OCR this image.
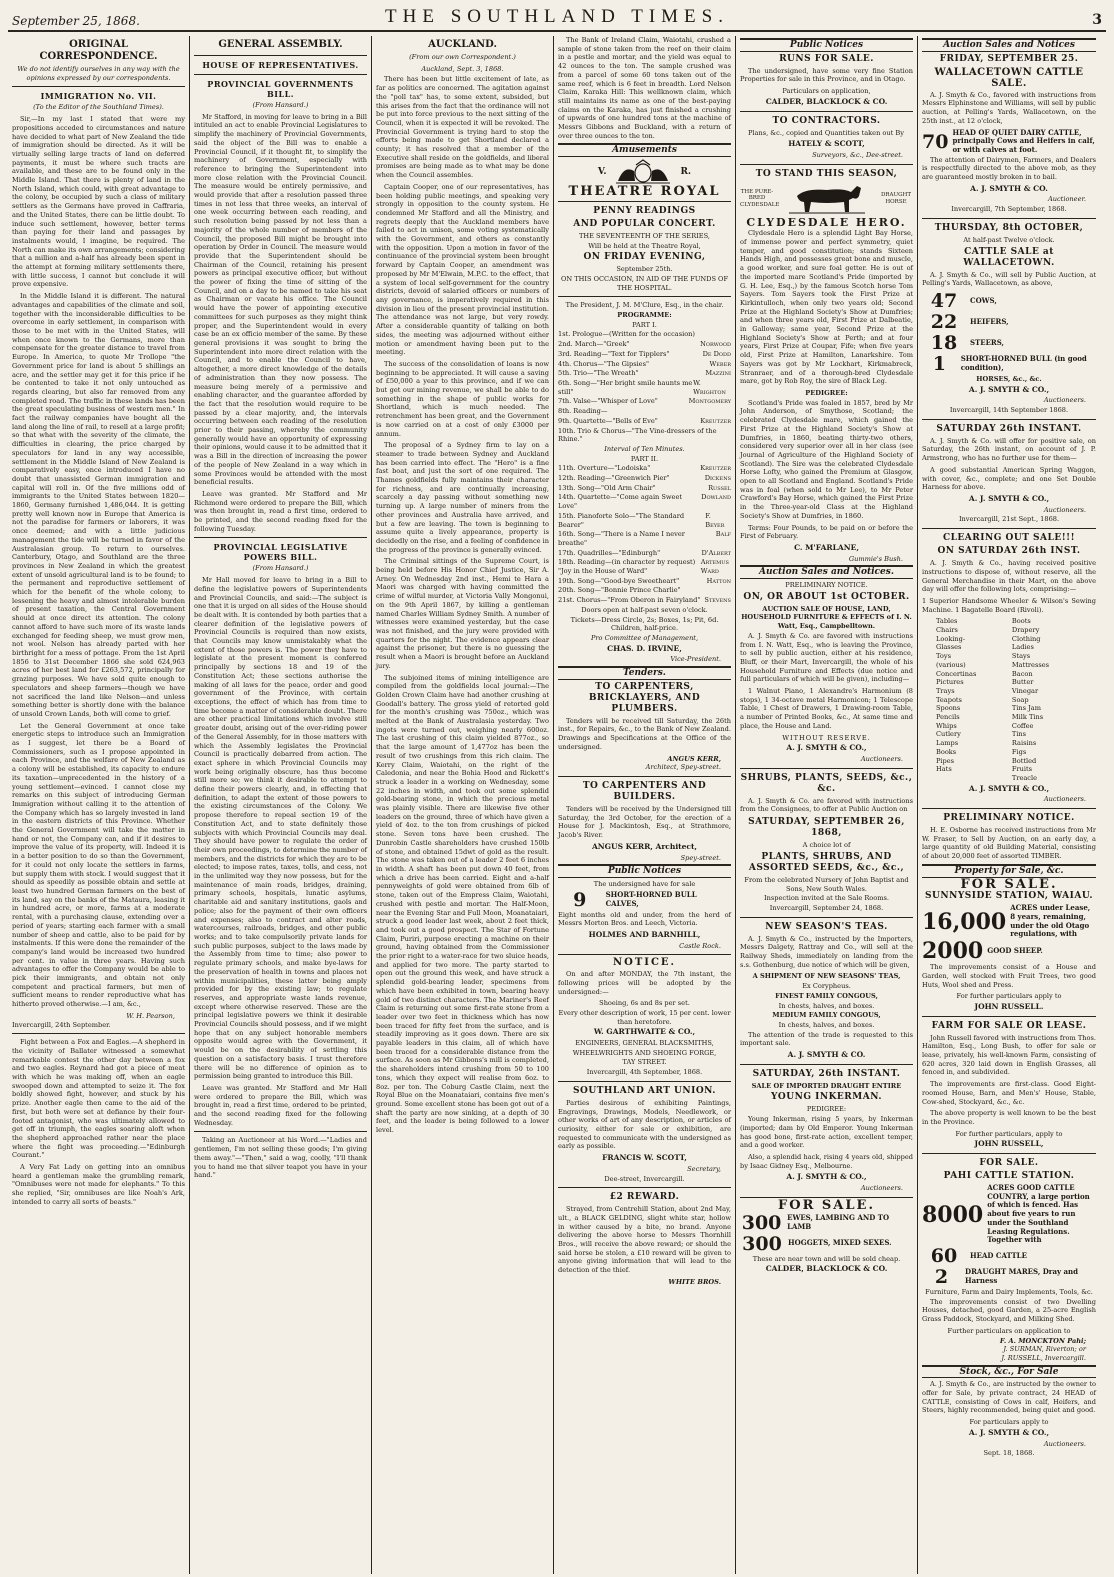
September 25, 1868.	THE SOUTHLAND TIMES.	3
ORIGINAL CORRESPONDENCE.
We do not identify ourselves in any way with the opinions expressed by our correspondents.
IMMIGRATION No. VII.
(To the Editor of the Southland Times).

Sir,—In my last I stated that were my propositions acceded to circumstances and nature have decided to what part of New Zealand the tide of immigration should be directed. As it will be virtually selling large tracts of land on deferred payments, it must be where such tracts are available, and these are to be found only in the Middle Island. That there is plenty of land in the North Island, which could, with great advantage to the colony, be occupied by such a class of military settlers as the Germans have proved in Caffraria, and the United States, there can be little doubt. To induce such settlement, however, better terms than paying for their land and passages by instalments would, I imagine, be required. The North can make its own arrangements; considering that a million and a-half has already been spent in the attempt at forming military settlements there, with little success, I cannot but conclude it will prove expensive.

In the Middle Island it is different. The natural advantages and capabilities of the climate and soil, together with the inconsiderable difficulties to be overcome in early settlement, in comparison with those to be met with in the United States, will when once known to the Germans, more than compensate for the greater distance to travel from Europe. In America, to quote Mr Trollope "the Government price for land is about 5 shillings an acre, and the settler may get it for this price if he be contented to take it not only untouched as regards clearing, but also far removed from any completed road. The traffic in these lands has been the great speculating business of western men." In fact the railway companies have bought all the land along the line of rail, to resell at a large profit; so that what with the severity of the climate, the difficulties in clearing, the price charged by speculators for land in any way accessible, settlement in the Middle Island of New Zealand is comparatively easy, once introduced I have no doubt that unassisted German immigration and capital will roll in. Of the five millions odd of immigrants to the United States between 1820—1860, Germany furnished 1,486,044. It is getting pretty well known now in Europe that America is not the paradise for farmers or laborers, it was once deemed; and with a little judicious management the tide will be turned in favor of the Australasian group. To return to ourselves. Canterbury, Otago, and Southland are the three provinces in New Zealand in which the greatest extent of unsold agricultural land is to be found; to the permanent and reproductive settlement of which for the benefit of the whole colony, to lessening the heavy and almost intolerable burden of present taxation, the Central Government should at once direct its attention. The colony cannot afford to have such more of its waste lands exchanged for feeding sheep, we must grow men, not wool. Nelson has already parted with her birthright for a mess of pottage. From the 1st April 1856 to 31st December 1866 she sold 624,963 acres of her best land for £263,572, principally for grazing purposes. We have sold quite enough to speculators and sheep farmers—though we have not sacrificed the land like Nelson—and unless something better is shortly done with the balance of unsold Crown Lands, both will come to grief.

Let the General Government at once take energetic steps to introduce such an Immigration as I suggest, let there be a Board of Commissioners, such as I propose appointed in each Province, and the welfare of New Zealand as a colony will be established, its capacity to endure its taxation—unprecedented in the history of a young settlement—evinced. I cannot close my remarks on this subject of introducing German Immigration without calling it to the attention of the Company which has so largely invested in land in the eastern districts of this Province. Whether the General Government will take the matter in hand or not, the Company can, and if it desires to improve the value of its property, will. Indeed it is in a better position to do so than the Government, for it could not only locate the settlers in farms, but supply them with stock. I would suggest that it should as speedily as possible obtain and settle at least two hundred German farmers on the best of its land, say on the banks of the Mataura, leasing it in hundred acre, or more, farms at a moderate rental, with a purchasing clause, extending over a period of years; starting each farmer with a small number of sheep and cattle, also to be paid for by instalments. If this were done the remainder of the company's land would be increased two hundred per cent. in value in three years. Having such advantages to offer the Company would be able to pick their immigrants, and obtain not only competent and practical farmers, but men of sufficient means to render reproductive what has hitherto proved otherwise.—I am, &c.,

W. H. Pearson,

Invercargill, 24th September.

Fight between a Fox and Eagles.—A shepherd in the vicinity of Ballater witnessed a somewhat remarkable contest the other day between a fox and two eagles. Reynard had got a piece of meat with which he was making off, when an eagle swooped down and attempted to seize it. The fox boldly showed fight, however, and stuck by his prize. Another eagle then came to the aid of the first, but both were set at defiance by their four-footed antagonist, who was ultimately allowed to get off in triumph, the eagles soaring aloft when the shepherd approached rather near the place where the fight was proceeding.—"Edinburgh Courant."

A Very Fat Lady on getting into an omnibus heard a gentleman make the grumbling remark, "Omnibuses were not made for elephants." To this she replied, "Sir, omnibuses are like Noah's Ark, intended to carry all sorts of beasts."

GENERAL ASSEMBLY.
HOUSE OF REPRESENTATIVES.
PROVINCIAL GOVERNMENTS BILL.
(From Hansard.)

Mr Stafford, in moving for leave to bring in a Bill intituled an act to enable Provincial Legislatures to simplify the machinery of Provincial Governments, said the object of the Bill was to enable a Provincial Council, if it thought fit, to simplify the machinery of Government, especially with reference to bringing the Superintendent into more close relation with the Provincial Council. The measure would be entirely permissive, and would provide that after a resolution passed three times in not less that three weeks, an interval of one week occurring between each reading, and such resolution being passed by not less than a majority of the whole number of members of the Council, the proposed Bill might be brought into operation by Order in Council. The measure would provide that the Superintendent should be Chairman of the Council, retaining his present powers as principal executive officer, but without the power of fixing the time of sitting of the Council, and on a day to be named to take his seat as Chairman or vacate his office. The Council would have the power of appointing executive committees for such purposes as they might think proper, and the Superintendent would in every case be an ex officio member of the same. By these general provisions it was sought to bring the Superintendent into more direct relation with the Council, and to enable the Council to have, altogether, a more direct knowledge of the details of administration than they now possess. The measure being merely of a permissive and enabling character, and the guarantee afforded by the fact that the resolution would require to be passed by a clear majority, and, the intervals occurring between each reading of the resolution prior to their passing, whereby the community generally would have an opportunity of expressing their opinions, would cause it to be admitted that it was a Bill in the direction of increasing the power of the people of New Zealand in a way which in some Provinces would be attended with the most beneficial results.

Leave was granted. Mr Stafford and Mr Richmond were ordered to prepare the Bill, which was then brought in, read a first time, ordered to be printed, and the second reading fixed for the following Tuesday.

PROVINCIAL LEGISLATIVE POWERS BILL.
(From Hansard.)

Mr Hall moved for leave to bring in a Bill to define the legislative powers of Superintendents and Provincial Councils, and said:—The subject is one that it is urged on all sides of the House should be dealt with. It is contended by both parties that a clearer definition of the legislative powers of Provincial Councils is required than now exists, that Councils may know unmistakably what the extent of those powers is. The power they have to legislate at the present moment is conferred principally by sections 18 and 19 of the Constitution Act; these sections authorise the making of all laws for the peace, order and good government of the Province, with certain exceptions, the effect of which has from time to time become a matter of considerable doubt. There are other practical limitations which involve still greater doubt, arising out of the over-riding power of the General Assembly, for in those matters with which the Assembly legislates the Provincial Council is practically debarred from action. The exact sphere in which Provincial Councils may work being originally obscure, has thus become still more so; we think it desirable to attempt to define their powers clearly, and, in effecting that definition, to adapt the extent of those powers to the existing circumstances of the Colony. We propose therefore to repeal section 19 of the Constitution Act, and to state definitely those subjects with which Provincial Councils may deal. They should have power to regulate the order of their own proceedings, to determine the number of members, and the districts for which they are to be elected; to impose rates, taxes, tolls, and cess, not in the unlimited way they now possess, but for the maintenance of main roads, bridges, draining, primary schools, hospitals, lunatic asylums, charitable aid and sanitary institutions, gaols and police; also for the payment of their own officers and expenses; also to contract and alter roads, watercourses, railroads, bridges, and other public works; and to take compulsorily private lands for such public purposes, subject to the laws made by the Assembly from time to time; also power to regulate primary schools, and make bye-laws for the preservation of health in towns and places not within municipalities, these latter being amply provided for by the existing law; to regulate reserves, and appropriate waste lands revenue, except where otherwise reserved. These are the principal legislative powers we think it desirable Provincial Councils should possess, and if we might hope that on any subject honorable members opposite would agree with the Government, it would be on the desirability of settling this question on a satisfactory basis. I trust therefore there will be no difference of opinion as to permission being granted to introduce this Bill.

Leave was granted. Mr Stafford and Mr Hall were ordered to prepare the Bill, which was brought in, read a first time, ordered to be printed, and the second reading fixed for the following Wednesday.

Taking an Auctioneer at his Word.—"Ladies and gentlemen, I'm not selling these goods; I'm giving them away."—"Then," said a wag, coolly, "I'll thank you to hand me that silver teapot you have in your hand."

AUCKLAND.
(From our own Correspondent.)
Auckland, Sept. 3, 1868.

There has been but little excitement of late, as far as politics are concerned. The agitation against the "poll tax" has, to some extent, subsided, but this arises from the fact that the ordinance will not be put into force previous to the next sitting of the Council, when it is expected it will be revoked. The Provincial Government is trying hard to stop the efforts being made to get Shortland declared a county; it has resolved that a member of the Executive shall reside on the goldfields, and liberal promises are being made as to what may be done when the Council assembles.

Captain Cooper, one of our representatives, has been holding public meetings, and speaking very strongly in opposition to the county system. He condemned Mr Stafford and all the Ministry, and regrets deeply that the Auckland members have failed to act in unison, some voting systematically with the Government, and others as constantly with the opposition. Upon a motion in favor of the continuance of the provincial system been brought forward by Captain Cooper, an amendment was proposed by Mr M'Elwain, M.P.C. to the effect, that a system of local self-government for the country districts, devoid of salaried officers or numbers of any governance, is imperatively required in this division in lieu of the present provincial institution. The attendance was not large, but very rowdy. After a considerable quantity of talking on both sides, the meeting was adjourned without either motion or amendment having been put to the meeting.

The success of the consolidation of loans is now beginning to be appreciated. It will cause a saving of £50,000 a year to this province, and if we can but get our mining revenue, we shall be able to do something in the shape of public works for Shortland, which is much needed. The retrenchment has been great, and the Government is now carried on at a cost of only £3000 per annum.

The proposal of a Sydney firm to lay on a steamer to trade between Sydney and Auckland has been carried into effect. The "Hero" is a fine fast boat, and just the sort of one required. The Thames goldfields fully maintains their character for richness, and are continually increasing, scarcely a day passing without something new turning up. A large number of miners from the other provinces and Australia have arrived, and but a few are leaving. The town is beginning to assume quite a lively appearance, property is decidedly on the rise, and a feeling of confidence in the progress of the province is generally evinced.

The Criminal sittings of the Supreme Court, is being held before His Honor Chief Justice, Sir A. Arney. On Wednesday 2nd inst., Hemi te Hara a Maori was charged with having committed the crime of wilful murder, at Victoria Vally Mongonui, on the 9th April 1867, by killing a gentleman named Charles William Sydney Smith. A number of witnesses were examined yesterday, but the case was not finished, and the jury were provided with quarters for the night. The evidence appears clear against the prisoner, but there is no guessing the result when a Maori is brought before an Auckland jury.

The subjoined items of mining intelligence are compiled from the goldfields local journal:—The Golden Crown Claim have had another crushing at Goodall's battery. The gross yield of retorted gold for the month's crushing was 750oz., which was melted at the Bank of Australasia yesterday. Two ingots were turned out, weighing nearly 600oz. The last crushing of this claim yielded 877oz., so that the large amount of 1,477oz has been the result of two crushings from this rich claim. The Kerry Claim, Waiotahi, on the right of the Caledonia, and near the Bohia Hood and Rickett's struck a leader in a working on Wednesday, some 22 inches in width, and took out some splendid gold-bearing stone, in which the precious metal was plainly visible. There are likewise five other leaders on the ground, three of which have given a yield of 4oz. to the ton from crushings of picked stone. Seven tons have been crushed. The Dunrobin Castle shareholders have crushed 150lb of stone, and obtained 15dwt of gold as the result. The stone was taken out of a leader 2 feet 6 inches in width. A shaft has been put down 40 feet, from which a drive has been carried. Eight and a-half pennyweights of gold were obtained from 6lb of stone, taken out of the Empress Claim, Waiotahi, crushed with pestle and mortar. The Half-Moon, near the Evening Star and Full Moon, Moanataiari, struck a good leader last week, about 2 feet thick, and took out a good prospect. The Star of Fortune Claim, Puriri, purpose erecting a machine on their ground, having obtained from the Commissioner the prior right to a water-race for two sluice heads, and applied for two more. The party started to open out the ground this week, and have struck a splendid gold-bearing leader, specimens from which have been exhibited in town, bearing heavy gold of two distinct characters. The Mariner's Reef Claim is returning out some first-rate stone from a leader over two feet in thickness which has now been traced for fifty feet from the surface, and is steadily improving as it goes down. There are six payable leaders in this claim, all of which have been traced for a considerable distance from the surface. As soon as Mr Gibbons's mill is completed, the shareholders intend crushing from 50 to 100 tons, which they expect will realise from 6oz. to 8oz. per ton. The Coburg Castle Claim, next the Royal Blue on the Moanataiari, contains five men's ground. Some excellent stone has been got out of a shaft the party are now sinking, at a depth of 30 feet, and the leader is being followed to a lower level.

The Bank of Ireland Claim, Waiotahi, crushed a sample of stone taken from the reef on their claim in a pestle and mortar, and the yield was equal to 42 ounces to the ton. The sample crushed was from a parcel of some 60 tons taken out of the same reef, which is 6 feet in breadth. Lord Nelson Claim, Karaka Hill: This wellknown claim, which still maintains its name as one of the best-paying claims on the Karaka, has just finished a crushing of upwards of one hundred tons at the machine of Messrs Gibbons and Buckland, with a return of over three ounces to the ton.

Amusements
V.	R.
THEATRE ROYAL
PENNY READINGS
AND POPULAR CONCERT.
THE SEVENTEENTH OF THE SERIES,
Will be held at the Theatre Royal,
ON FRIDAY EVENING,
September 25th.
ON THIS OCCASION, IN AID OF THE FUNDS OF THE HOSPITAL.
The President, J. M. M'Clure, Esq., in the chair.
PROGRAMME:
PART I.
1st. Prologue—(Written for the occasion)
2nd. March—"Greek"	Norwood
3rd. Reading—"Text for Tipplers"	De Dodd
4th. Chorus—"The Gipsies"	Weber
5th. Trio—"The Wreath"	Mazzini
6th. Song—"Her bright smile haunts me still"
W. Wrighton
7th. Valse—"Whisper of Love"	Montgomery
8th. Reading—
9th. Quartette—"Bells of Eve"	Kreutzer
10th. Trio & Chorus—"The Vine-dressers of the Rhine."
Interval of Ten Minutes.
PART II.
11th. Overture—"Lodoiska"	Kreutzer
12th. Reading—"Greenwich Pier"	Dickens
13th. Song—"Old Arm Chair"	Russel
14th. Quartette—"Come again Sweet Love"
Dowland
15th. Pianoforte Solo—"The Standard Bearer"
F. Beyer
16th. Song—"There is a Name I never breathe"
Balf
17th. Quadrilles—"Edinburgh"	D'Albert
18th. Reading—(in character by request) "Joy in the House of Ward"
Artemus Ward
19th. Song—"Good-bye Sweetheart"	Hatton
20th. Song—"Bonnie Prince Charlie"
21st. Chorus—"From Oberon in Fairyland" Stevens
Doors open at half-past seven o'clock.
Tickets—Dress Circle, 2s; Boxes, 1s; Pit, 6d. Children, half-price.
Pro Committee of Management,
CHAS. D. IRVINE,
Vice-President.
Tenders.
TO CARPENTERS, BRICKLAYERS, AND PLUMBERS.

Tenders will be received till Saturday, the 26th inst., for Repairs, &c., to the Bank of New Zealand. Drawings and Specifications at the Office of the undersigned.

ANGUS KERR,
Architect, Spey-street.
TO CARPENTERS AND BUILDERS.

Tenders will be received by the Undersigned till Saturday, the 3rd October, for the erection of a House for J. Mackintosh, Esq., at Strathmore, Jacob's River.

ANGUS KERR, Architect,
Spey-street.
Public Notices
The undersigned have for sale
9	SHORT-HORNED BULL CALVES,

Eight months old and under, from the herd of Messrs Morton Bros. and Leech, Victoria.

HOLMES AND BARNHILL,
Castle Rock.
NOTICE.

On and after MONDAY, the 7th instant, the following prices will be adopted by the undersigned:—

Shoeing, 6s and 8s per set.
Every other description of work, 15 per cent. lower than heretofore.
W. GARTHWAITE & CO.,
ENGINEERS, GENERAL BLACKSMITHS,
WHEELWRIGHTS AND SHOEING FORGE,
TAY STREET.
Invercargill, 4th September, 1868.
SOUTHLAND ART UNION.

Parties desirous of exhibiting Paintings, Engravings, Drawings, Models, Needlework, or other works of art of any description, or articles of curiosity, either for sale or exhibition, are requested to communicate with the undersigned as early as possible.

FRANCIS W. SCOTT,
Secretary,
Dee-street, Invercargill.
£2 REWARD.

Strayed, from Centrehill Station, about 2nd May, ult., a BLACK GELDING, slight white star, hollow in wither caused by a bite, no brand. Anyone delivering the above horse to Messrs Thornhill Bros., will receive the above reward; or should the said horse be stolen, a £10 reward will be given to anyone giving information that will lead to the detection of the thief.

WHITE BROS.
Public Notices
RUNS FOR SALE.

The undersigned, have some very fine Station Properties for sale in this Province, and in Otago.

Particulars on application,
CALDER, BLACKLOCK & CO.
TO CONTRACTORS.

Plans, &c., copied and Quantities taken out By

HATELY & SCOTT,
Surveyors, &c., Dee-street.
TO STAND THIS SEASON,
THE PURE-BRED CLYDESDALE
DRAUGHT HORSE
CLYDESDALE HERO.

Clydesdale Hero is a splendid Light Bay Horse, of immense power and perfect symmetry, quiet temper, and good constitution; stands Sixteen Hands High, and possesses great bone and muscle, a good worker, and sure foal getter. He is out of the imported mare Scotland's Pride (imported by G. H. Lee, Esq.,) by the famous Scotch horse Tom Sayers. Tom Sayers took the First Prize at Kirkintulloch, when only two years old; Second Prize at the Highland Society's Show at Dumfries; and when three years old, First Prize at Dalbeatie, in Galloway; same year, Second Prize at the Highland Society's Show at Perth; and at four years, First Prize at Coupar, Fife; when five years old, First Prize at Hamilton, Lanarkshire. Tom Sayers was got by Mr Lockhart, Kirkmabreck, Stranraer, and of a thorough-bred Clydesdale mare, got by Rob Roy, the sire of Black Leg.

PEDIGREE:

Scotland's Pride was foaled in 1857, bred by Mr John Anderson, of Smythose, Scotland; the celebrated Clydesdale mare, which gained the First Prize at the Highland Society's Show at Dumfries, in 1860, beating thirty-two others, considered very superior over all in her class (see Journal of Agriculture of the Highland Society of Scotland). The Sire was the celebrated Clydesdale Horse Lofty, who gained the Premium at Glasgow, open to all Scotland and England. Scotland's Pride was in foal (when sold to Mr Lee), to Mr Peter Crawford's Bay Horse, which gained the First Prize in the Three-year-old Class at the Highland Society's Show at Dumfries, in 1860.

Terms: Four Pounds, to be paid on or before the First of February.

C. M'FARLANE,
Gummie's Bush.
Auction Sales and Notices.
PRELIMINARY NOTICE.
ON, OR ABOUT 1st OCTOBER.
AUCTION SALE OF HOUSE, LAND, HOUSEHOLD FURNITURE & EFFECTS of I. N. Watt, Esq., Campbelltown.

A. J. Smyth & Co. are favored with instructions from I. N. Watt, Esq., who is leaving the Province, to sell by public auction, either at his residence, Bluff, or their Mart, Invercargill, the whole of his Household Furniture and Effects (due notice and full particulars of which will be given), including—

1 Walnut Piano, 1 Alexandre's Harmonium (8 stops), 1 34-octave metal Harmonicon; 1 Telescope Table, 1 Chest of Drawers, 1 Drawing-room Table, a number of Printed Books, &c., At same time and place, the House and Land.

WITHOUT RESERVE.
A. J. SMYTH & CO.,
Auctioneers.
SHRUBS, PLANTS, SEEDS, &c., &c.

A. J. Smyth & Co. are favored with instructions from the Consignees, to offer at Public Auction on

SATURDAY, SEPTEMBER 26, 1868,
A choice lot of
PLANTS, SHRUBS, AND ASSORTED SEEDS, &c., &c.,
From the celebrated Nursery of John Baptist and Sons, New South Wales.
Inspection invited at the Sale Rooms.
Invercargill, September 24, 1868.
NEW SEASON'S TEAS.

A. J. Smyth & Co., instructed by the Importers, Messrs Dalgety, Rattray and Co., will sell at the Railway Sheds, immediately on landing from the s.s. Gothenburg, due notice of which will be given,

A SHIPMENT OF NEW SEASONS' TEAS,
Ex Corypheus.
FINEST FAMILY CONGOUS,
In chests, halves, and boxes.
MEDIUM FAMILY CONGOUS,
In chests, halves, and boxes.

The attention of the trade is requested to this important sale.

A. J. SMYTH & CO.
SATURDAY, 26th INSTANT.
SALE OF IMPORTED DRAUGHT ENTIRE
YOUNG INKERMAN.
PEDIGREE:

Young Inkerman, rising 5 years, by Inkerman (imported; dam by Old Emperor. Young Inkerman has good bone, first-rate action, excellent temper, and a good worker.

Also, a splendid hack, rising 4 years old, shipped by Isaac Gidney Esq., Melbourne.

A. J. SMYTH & CO.,
Auctioneers.
FOR SALE.
300 EWES, LAMBING AND TO LAMB
300 HOGGETS, MIXED SEXES.
These are near town and will be sold cheap.
CALDER, BLACKLOCK & CO.
Auction Sales and Notices
FRIDAY, SEPTEMBER 25.
WALLACETOWN CATTLE SALE.

A. J. Smyth & Co., favored with instructions from Messrs Elphinstone and Williams, will sell by public auction, at Pelling's Yards, Wallacetown, on the 25th inst., at 12 o'clock,

70 HEAD OF QUIET DAIRY CATTLE, principally Cows and Heifers in calf, or with calves at foot.

The attention of Dairymen, Farmers, and Dealers is respectfully directed to the above mob, as they are guaranteed mostly broken in to bail.

A. J. SMYTH & CO.
Auctioneer.
Invercargill, 7th September, 1868.
THURSDAY, 8th OCTOBER,
At half-past Twelve o'clock.
CATTLE SALE at WALLACETOWN.

A. J. Smyth & Co., will sell by Public Auction, at Pelling's Yards, Wallacetown, as above,

47	COWS,
22	HEIFERS,
18	STEERS,
1	SHORT-HORNED BULL (in good condition),
HORSES, &c., &c.
A. J. SMYTH & CO.,
Auctioneers.
Invercargill, 14th September 1868.
SATURDAY 26th INSTANT.

A. J. Smyth & Co. will offer for positive sale, on Saturday, the 26th instant, on account of J. P. Armstrong, who has no further use for them—

A good substantial American Spring Waggon, with cover, &c., complete; and one Set Double Harness for above.

A. J. SMYTH & CO.,
Auctioneers.
Invercargill, 21st Sept., 1868.
CLEARING OUT SALE!!!
ON SATURDAY 26th INST.

A. J. Smyth & Co., having received positive instructions to dispose of, without reserve, all the General Merchandise in their Mart, on the above day will offer the following lots, comprising:—

1 Superior Handsome Wheeler & Wilson's Sewing Machine. 1 Bagatelle Board (Rivoli).

Tables
Chairs
Looking-Glasses
Toys (various)
Concertinas
Pictures
Trays
Teapots
Spoons
Pencils
Whips
Cutlery
Lamps
Books
Pipes
Hats
Boots
Drapery
Clothing
Ladies Stays
Mattresses
Bacon
Butter
Vinegar
Soap
Tins Jam
Milk Tins
Coffee Tins
Raisins
Figs
Bottled Fruits
Treacle
A. J. SMYTH & CO.,
Auctioneers.
PRELIMINARY NOTICE.

H. E. Osborne has received instructions from Mr W. Fraser, to Sell by Auction, on an early day, a large quantity of old Building Material, consisting of about 20,000 feet of assorted TIMBER.

Property for Sale, &c.
FOR SALE.
SUNNYSIDE STATION, WAIAU.
16,000
ACRES under Lease, 8 years, remaining, under the old Otago regulations, with
2000 GOOD SHEEP.

The improvements consist of a House and Garden, well stocked with Fruit Trees, two good Huts, Wool shed and Press.

For further particulars apply to
JOHN RUSSELL.
FARM FOR SALE OR LEASE.

John Russell favored with instructions from Thos. Hamilton, Esq., Long Bush, to offer for sale or lease, privately, his well-known Farm, consisting of 620 acres, 320 laid down in English Grasses, all fenced in, and subdivided.

The improvements are first-class. Good Eight-roomed House, Barn, and Men's' House, Stable, Cow-shed, Stockyard, &c., &c.

The above property is well known to be the best in the Province.

For further particulars, apply to
JOHN RUSSELL,
FOR SALE.
PAHI CATTLE STATION.
8000
ACRES GOOD CATTLE COUNTRY, a large portion of which is fenced. Has about five years to run under the Southland Leasing Regulations. Together with
60	HEAD CATTLE
2	DRAUGHT MARES, Dray and Harness
Furniture, Farm and Dairy Implements, Tools, &c.

The improvements consist of two Dwelling Houses, detached, good Garden, a 25-acre English Grass Paddock, Stockyard, and Milking Shed.

Further particulars on application to
F. A. MONCKTON Pahi;
J. SURMAN, Riverton; or
J. RUSSELL, Invercargill.
Stock, &c., For Sale

A. J. Smyth & Co., are instructed by the owner to offer for Sale, by private contract, 24 HEAD of CATTLE, consisting of Cows in calf, Heifers, and Steers, highly recommended, being quiet and good.

For particulars apply to
A. J. SMYTH & CO.,
Auctioneers.
Sept. 18, 1868.
